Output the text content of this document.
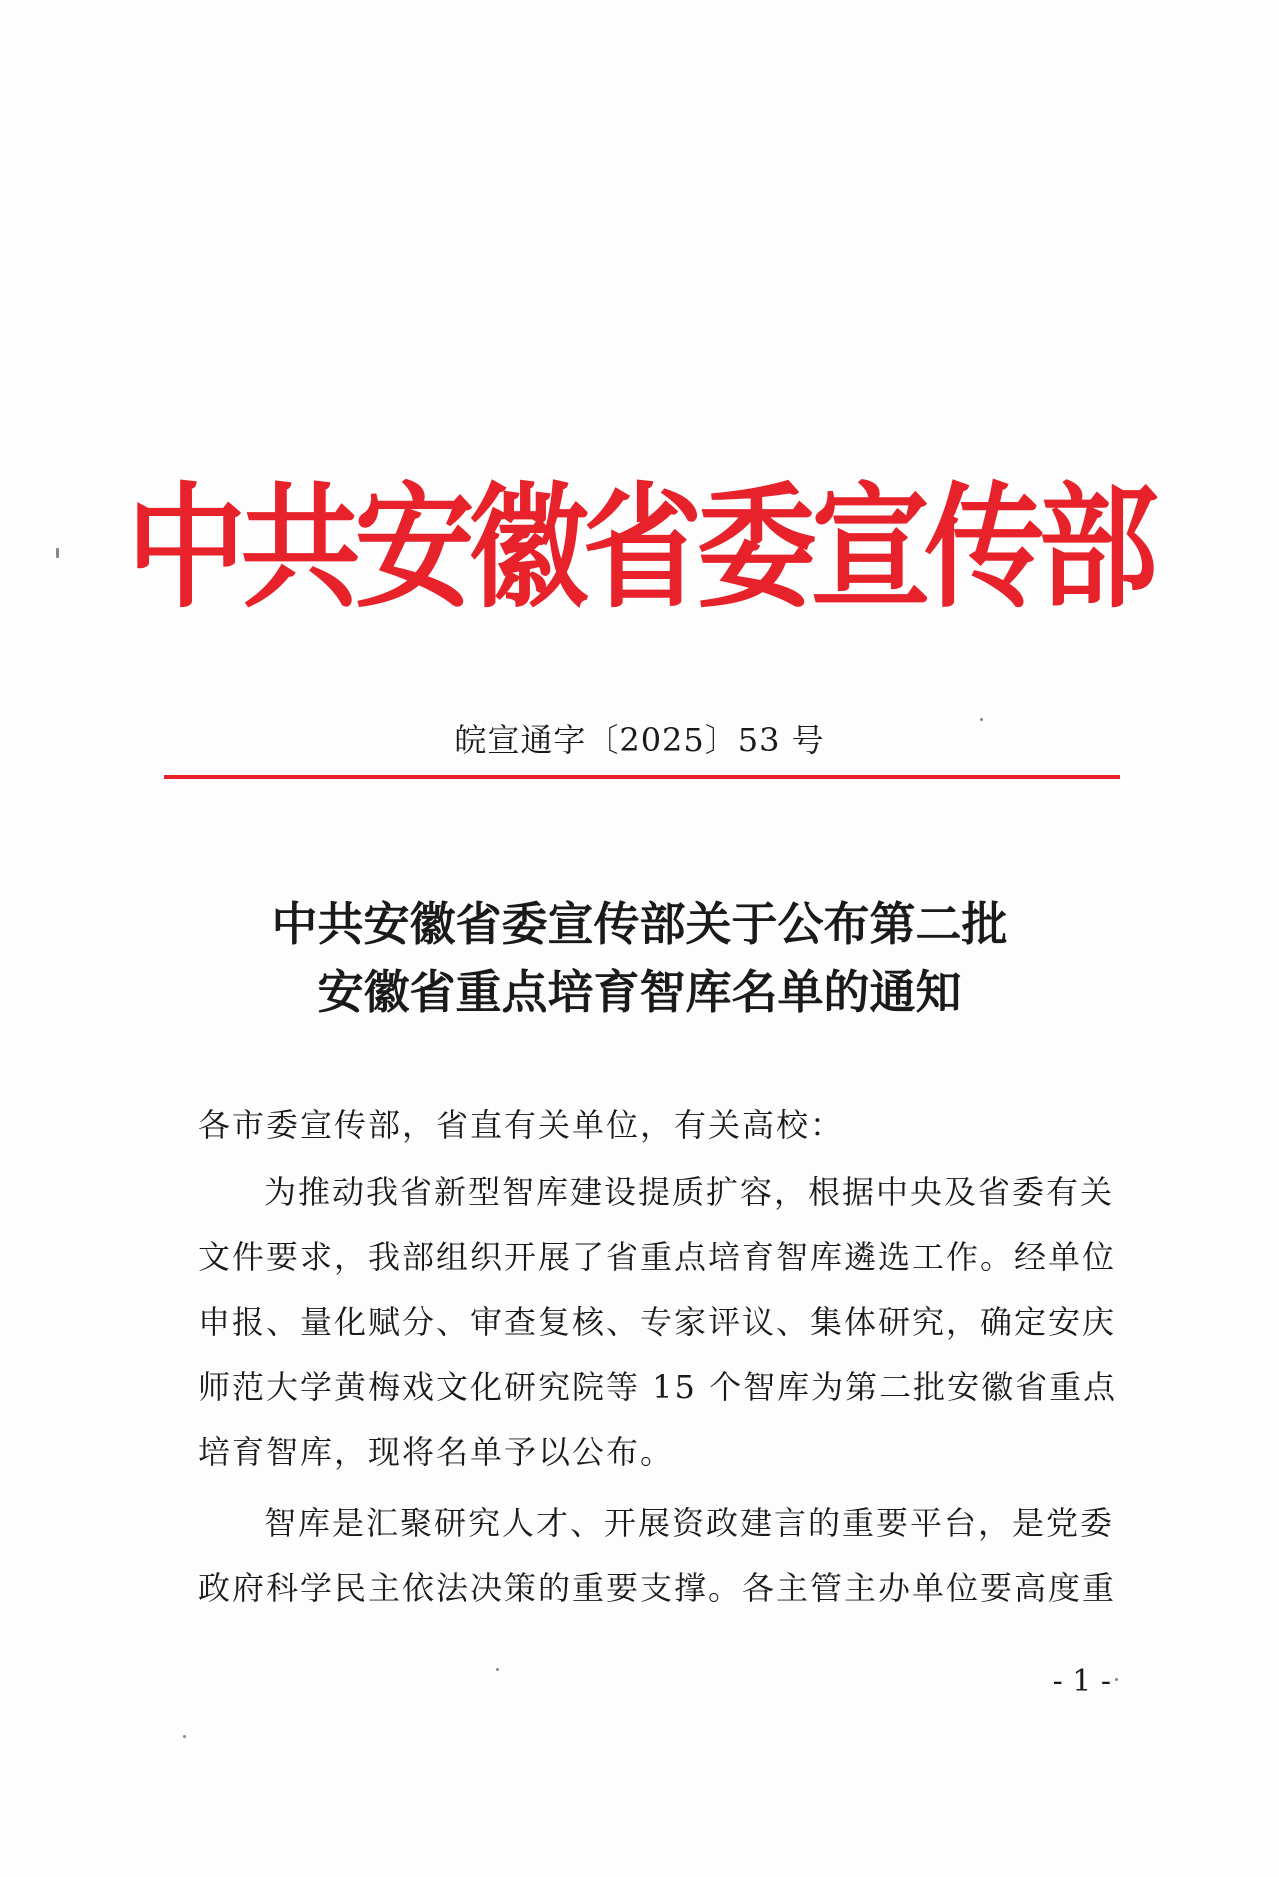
中共安徽省委宣传部
皖宣通字〔2025〕53 号
中共安徽省委宣传部关于公布第二批
安徽省重点培育智库名单的通知
各市委宣传部，省直有关单位，有关高校：
为推动我省新型智库建设提质扩容，根据中央及省委有关
文件要求，我部组织开展了省重点培育智库遴选工作。经单位
申报、量化赋分、审查复核、专家评议、集体研究，确定安庆
师范大学黄梅戏文化研究院等 15 个智库为第二批安徽省重点
培育智库，现将名单予以公布。
智库是汇聚研究人才、开展资政建言的重要平台，是党委
政府科学民主依法决策的重要支撑。各主管主办单位要高度重
- 1 -
